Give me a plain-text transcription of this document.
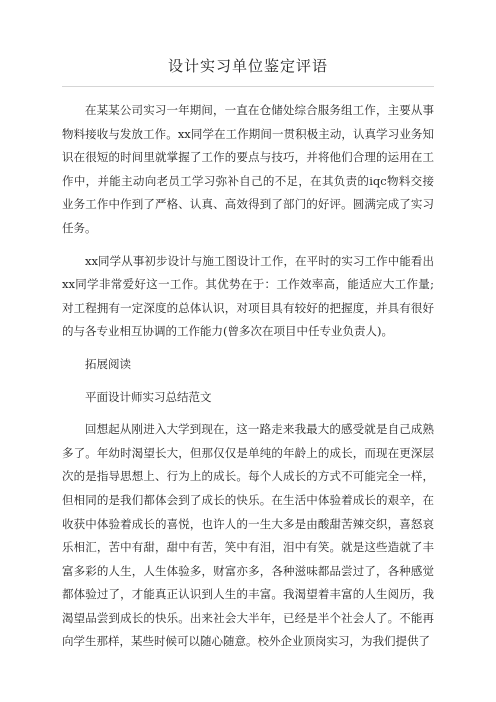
设计实习单位鉴定评语

在某某公司实习一年期间，一直在仓储处综合服务组工作，主要从事物料接收与发放工作。xx同学在工作期间一贯积极主动，认真学习业务知识在很短的时间里就掌握了工作的要点与技巧，并将他们合理的运用在工作中，并能主动向老员工学习弥补自己的不足，在其负责的iqc物料交接业务工作中作到了严格、认真、高效得到了部门的好评。圆满完成了实习任务。

xx同学从事初步设计与施工图设计工作，在平时的实习工作中能看出xx同学非常爱好这一工作。其优势在于：工作效率高，能适应大工作量;对工程拥有一定深度的总体认识，对项目具有较好的把握度，并具有很好的与各专业相互协调的工作能力(曾多次在项目中任专业负责人)。

拓展阅读

平面设计师实习总结范文

回想起从刚进入大学到现在，这一路走来我最大的感受就是自己成熟多了。年幼时渴望长大，但那仅仅是单纯的年龄上的成长，而现在更深层次的是指导思想上、行为上的成长。每个人成长的方式不可能完全一样，但相同的是我们都体会到了成长的快乐。在生活中体验着成长的艰辛，在收获中体验着成长的喜悦，也许人的一生大多是由酸甜苦辣交织，喜怒哀乐相汇，苦中有甜，甜中有苦，笑中有泪，泪中有笑。就是这些造就了丰富多彩的人生，人生体验多，财富亦多，各种滋味都品尝过了，各种感觉都体验过了，才能真正认识到人生的丰富。我渴望着丰富的人生阅历，我渴望品尝到成长的快乐。出来社会大半年，已经是半个社会人了。不能再向学生那样，某些时候可以随心随意。校外企业顶岗实习，为我们提供了
